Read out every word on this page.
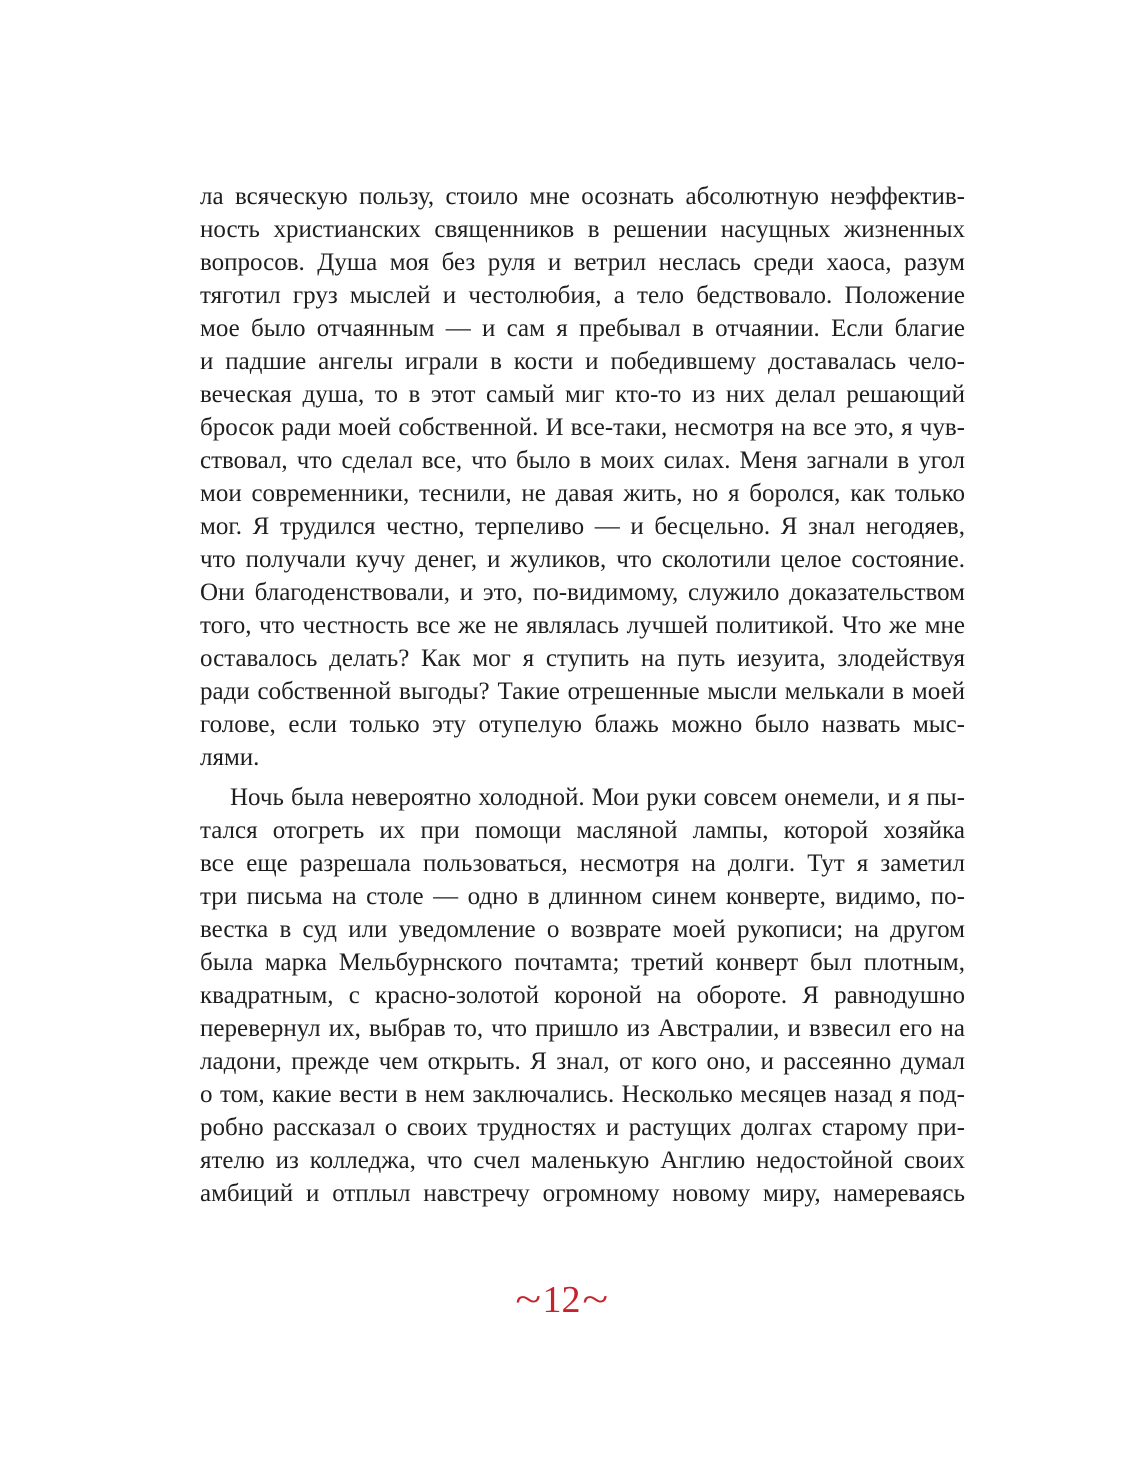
ла всяческую пользу, стоило мне осознать абсолютную неэффектив-
ность христианских священников в решении насущных жизненных
вопросов. Душа моя без руля и ветрил неслась среди хаоса, разум
тяготил груз мыслей и честолюбия, а тело бедствовало. Положение
мое было отчаянным — и сам я пребывал в отчаянии. Если благие
и падшие ангелы играли в кости и победившему доставалась чело-
веческая душа, то в этот самый миг кто-то из них делал решающий
бросок ради моей собственной. И все-таки, несмотря на все это, я чув-
ствовал, что сделал все, что было в моих силах. Меня загнали в угол
мои современники, теснили, не давая жить, но я боролся, как только
мог. Я трудился честно, терпеливо — и бесцельно. Я знал негодяев,
что получали кучу денег, и жуликов, что сколотили целое состояние.
Они благоденствовали, и это, по-видимому, служило доказательством
того, что честность все же не являлась лучшей политикой. Что же мне
оставалось делать? Как мог я ступить на путь иезуита, злодействуя
ради собственной выгоды? Такие отрешенные мысли мелькали в моей
голове, если только эту отупелую блажь можно было назвать мыс-
лями.
Ночь была невероятно холодной. Мои руки совсем онемели, и я пы-
тался отогреть их при помощи масляной лампы, которой хозяйка
все еще разрешала пользоваться, несмотря на долги. Тут я заметил
три письма на столе — одно в длинном синем конверте, видимо, по-
вестка в суд или уведомление о возврате моей рукописи; на другом
была марка Мельбурнского почтамта; третий конверт был плотным,
квадратным, с красно-золотой короной на обороте. Я равнодушно
перевернул их, выбрав то, что пришло из Австралии, и взвесил его на
ладони, прежде чем открыть. Я знал, от кого оно, и рассеянно думал
о том, какие вести в нем заключались. Несколько месяцев назад я под-
робно рассказал о своих трудностях и растущих долгах старому при-
ятелю из колледжа, что счел маленькую Англию недостойной своих
амбиций и отплыл навстречу огромному новому миру, намереваясь
~12~
